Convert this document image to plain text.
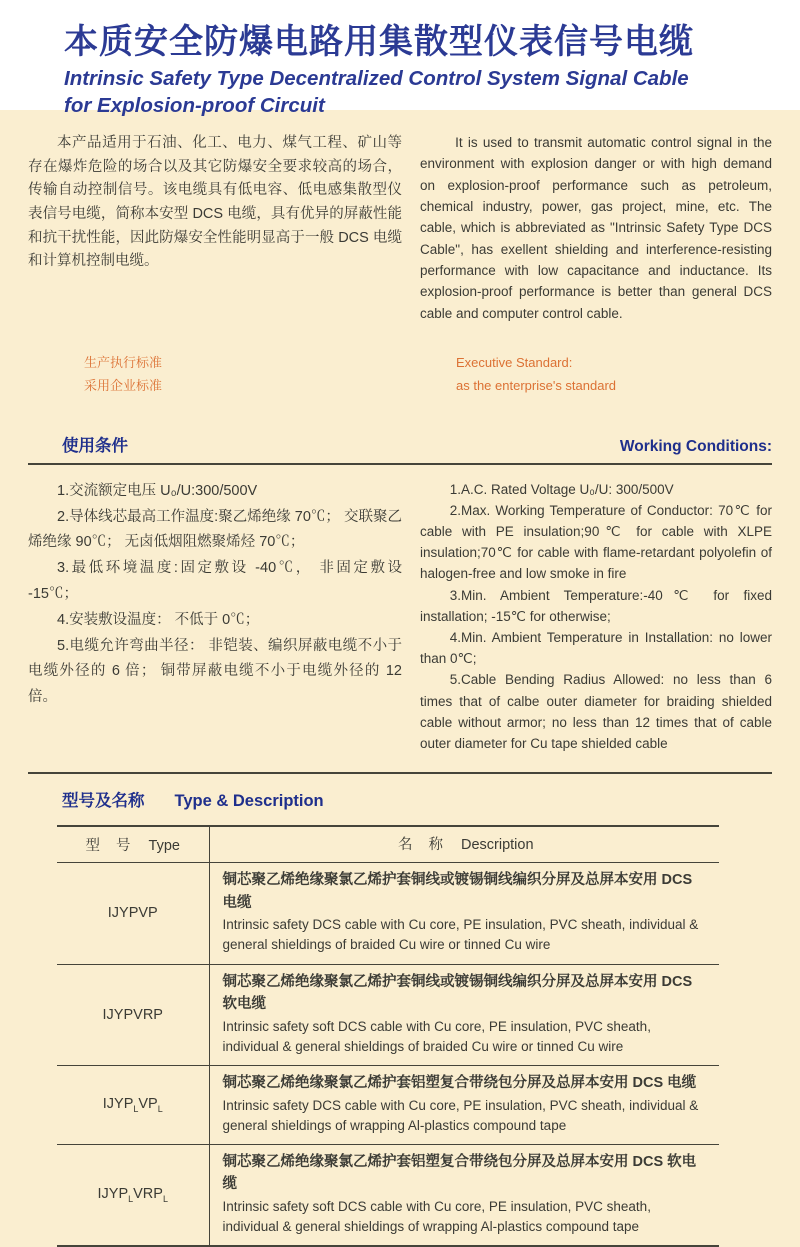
本质安全防爆电路用集散型仪表信号电缆
Intrinsic Safety Type Decentralized Control System Signal Cable
for Explosion-proof Circuit
本产品适用于石油、化工、电力、煤气工程、矿山等存在爆炸危险的场合以及其它防爆安全要求较高的场合，传输自动控制信号。该电缆具有低电容、低电感集散型仪表信号电缆，简称本安型 DCS 电缆，具有优异的屏蔽性能和抗干扰性能，因此防爆安全性能明显高于一般 DCS 电缆和计算机控制电缆。
It is used to transmit automatic control signal in the environment with explosion danger or with high demand on explosion-proof performance such as petroleum, chemical industry, power, gas project, mine, etc. The cable, which is abbreviated as "Intrinsic Safety Type DCS Cable", has exellent shielding and interference-resisting performance with low capacitance and inductance. Its explosion-proof performance is better than general DCS cable and computer control cable.
生产执行标准
采用企业标准
Executive Standard:
as the enterprise's standard
使用条件	Working Conditions:

1.交流额定电压 U₀/U:300/500V

2.导体线芯最高工作温度:聚乙烯绝缘 70℃； 交联聚乙烯绝缘 90℃； 无卤低烟阻燃聚烯烃 70℃；

3.最低环境温度:固定敷设 -40℃， 非固定敷设 -15℃；

4.安装敷设温度： 不低于 0℃；

5.电缆允许弯曲半径： 非铠装、编织屏蔽电缆不小于电缆外径的 6 倍； 铜带屏蔽电缆不小于电缆外径的 12 倍。

1.A.C. Rated Voltage U₀/U: 300/500V

2.Max. Working Temperature of Conductor: 70℃ for cable with PE insulation;90℃ for cable with XLPE insulation;70℃ for cable with flame-retardant polyolefin of halogen-free and low smoke in fire

3.Min. Ambient Temperature:-40℃ for fixed installation; -15℃ for otherwise;

4.Min. Ambient Temperature in Installation: no lower than 0℃;

5.Cable Bending Radius Allowed: no less than 6 times that of calbe outer diameter for braiding shielded cable without armor; no less than 12 times that of cable outer diameter for Cu tape shielded cable

型号及名称 Type & Description
型 号 Type	名 称 Description
IJYPVP	铜芯聚乙烯绝缘聚氯乙烯护套铜线或镀锡铜线编织分屏及总屏本安用 DCS 电缆
Intrinsic safety DCS cable with Cu core, PE insulation, PVC sheath, individual & general shieldings of braided Cu wire or tinned Cu wire

IJYPVRP	铜芯聚乙烯绝缘聚氯乙烯护套铜线或镀锡铜线编织分屏及总屏本安用 DCS 软电缆
Intrinsic safety soft DCS cable with Cu core, PE insulation, PVC sheath, individual & general shieldings of braided Cu wire or tinned Cu wire

$IJYP_LVP_L$	铜芯聚乙烯绝缘聚氯乙烯护套铝塑复合带绕包分屏及总屏本安用 DCS 电缆
Intrinsic safety DCS cable with Cu core, PE insulation, PVC sheath, individual & general shieldings of wrapping Al-plastics compound tape

$IJYP_LVRP_L$	铜芯聚乙烯绝缘聚氯乙烯护套铝塑复合带绕包分屏及总屏本安用 DCS 软电缆
Intrinsic safety soft DCS cable with Cu core, PE insulation, PVC sheath, individual & general shieldings of wrapping Al-plastics compound tape
